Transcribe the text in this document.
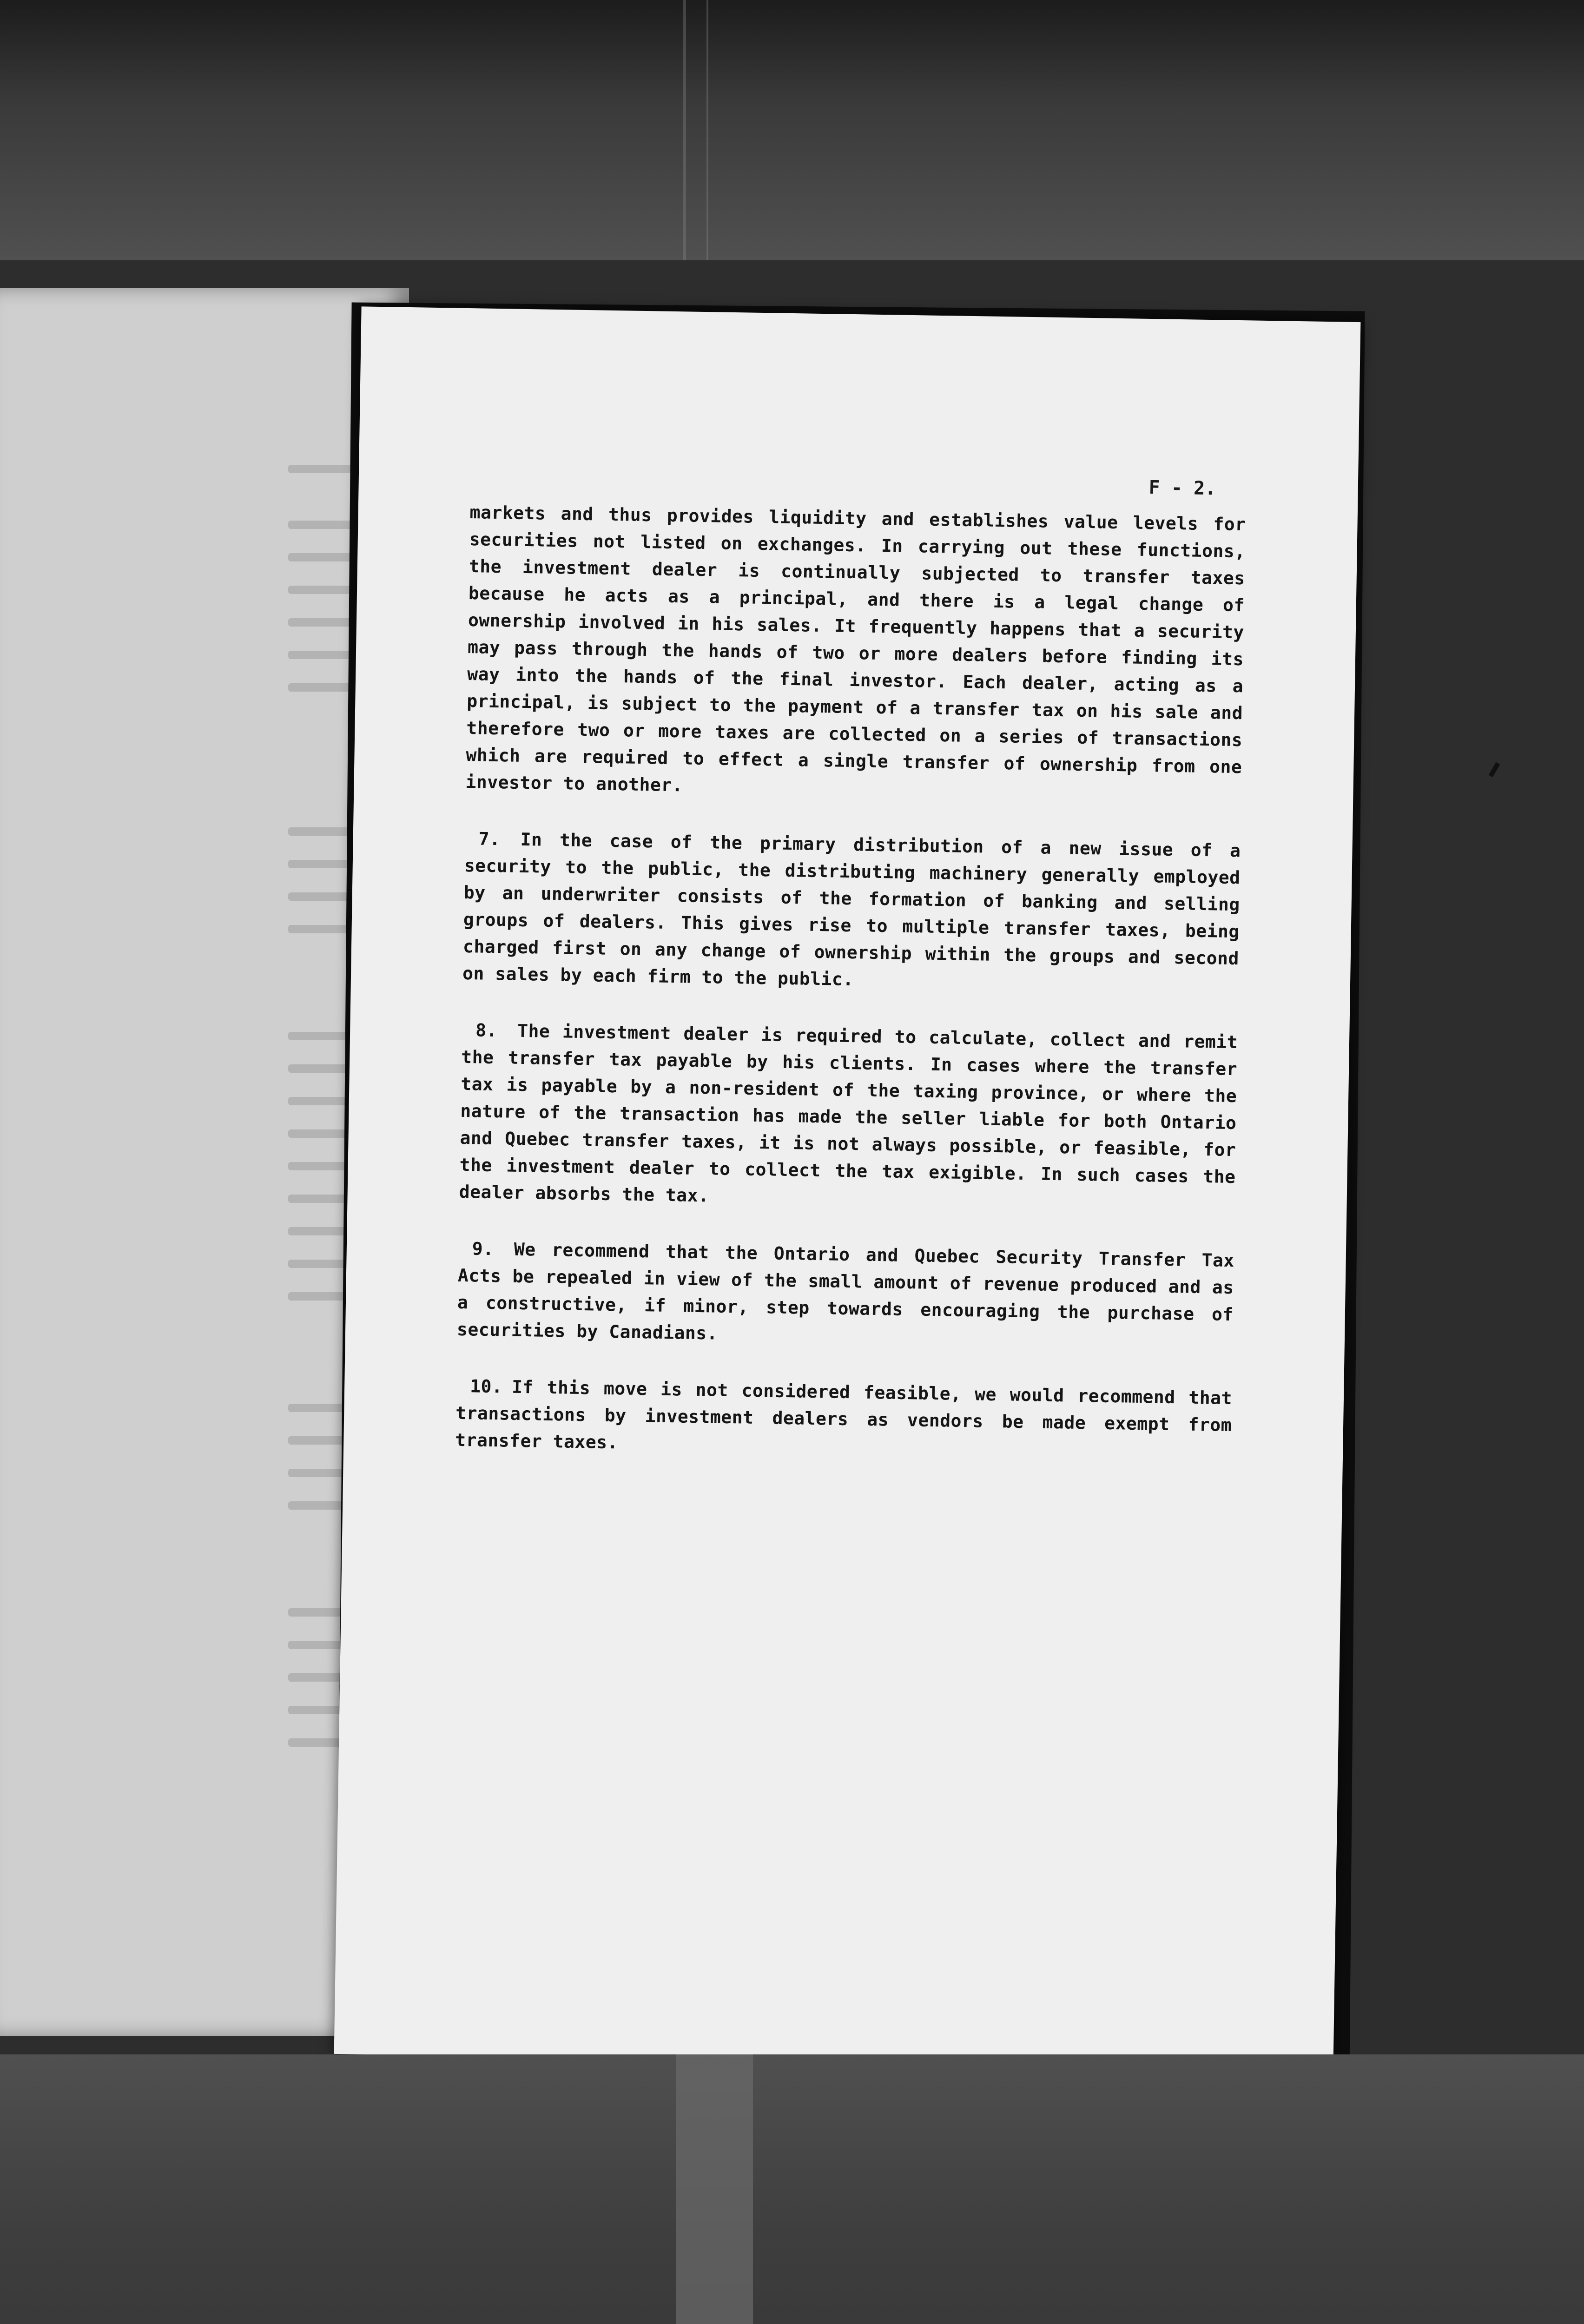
F - 2.

markets and thus provides liquidity and establishes value levels for securities not listed on exchanges. In carrying out these functions, the investment dealer is continually subjected to transfer taxes because he acts as a principal, and there is a legal change of ownership involved in his sales. It frequently happens that a security may pass through the hands of two or more dealers before finding its way into the hands of the final investor. Each dealer, acting as a principal, is subject to the payment of a transfer tax on his sale and therefore two or more taxes are collected on a series of transactions which are required to effect a single transfer of ownership from one investor to another.

7. In the case of the primary distribution of a new issue of a security to the public, the distributing machinery generally employed by an underwriter consists of the formation of banking and selling groups of dealers. This gives rise to multiple transfer taxes, being charged first on any change of ownership within the groups and second on sales by each firm to the public.

8. The investment dealer is required to calculate, collect and remit the transfer tax payable by his clients. In cases where the transfer tax is payable by a non-resident of the taxing province, or where the nature of the transaction has made the seller liable for both Ontario and Quebec transfer taxes, it is not always possible, or feasible, for the investment dealer to collect the tax exigible. In such cases the dealer absorbs the tax.

9. We recommend that the Ontario and Quebec Security Transfer Tax Acts be repealed in view of the small amount of revenue produced and as a constructive, if minor, step towards encouraging the purchase of securities by Canadians.

10. If this move is not considered feasible, we would recommend that transactions by investment dealers as vendors be made exempt from transfer taxes.
